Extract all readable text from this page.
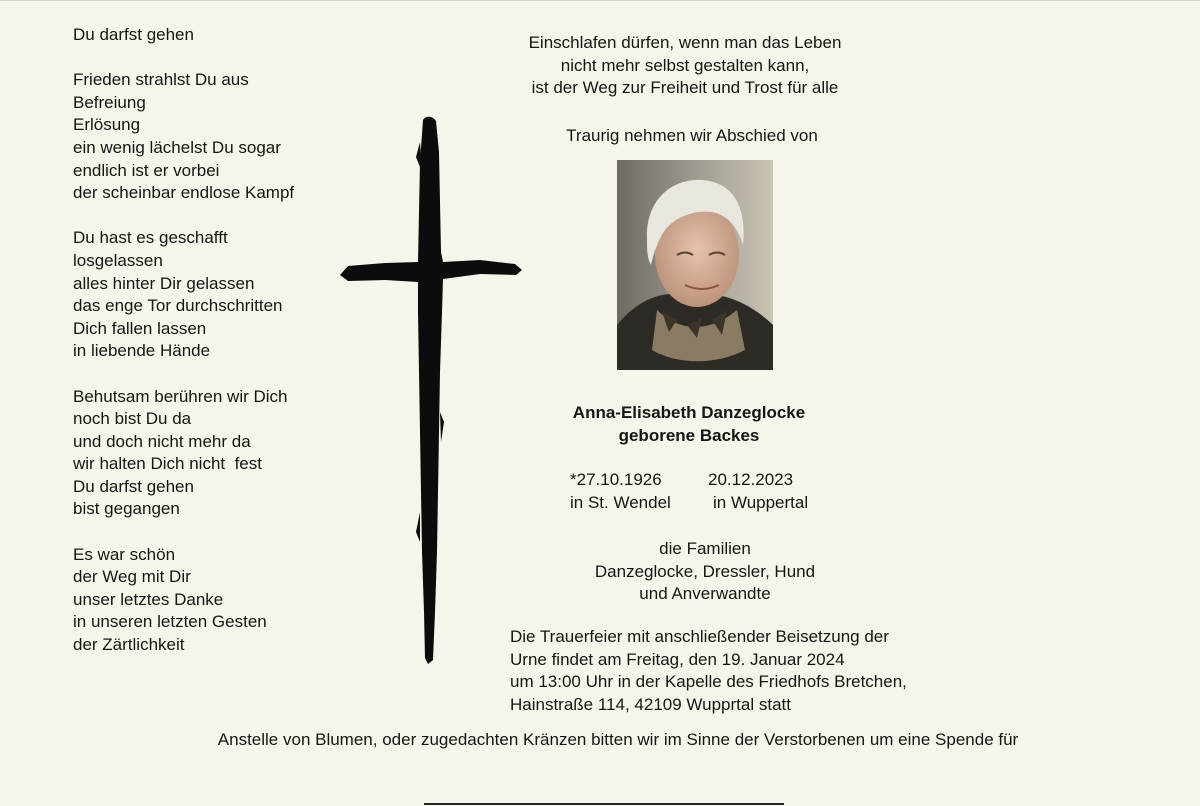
Du darfst gehen
Frieden strahlst Du aus
Befreiung
Erlösung
ein wenig lächelst Du sogar
endlich ist er vorbei
der scheinbar endlose Kampf
Du hast es geschafft
losgelassen
alles hinter Dir gelassen
das enge Tor durchschritten
Dich fallen lassen
in liebende Hände
Behutsam berühren wir Dich
noch bist Du da
und doch nicht mehr da
wir halten Dich nicht  fest
Du darfst gehen
bist gegangen
Es war schön
der Weg mit Dir
unser letztes Danke
in unseren letzten Gesten
der Zärtlichkeit
Einschlafen dürfen, wenn man das Leben
nicht mehr selbst gestalten kann,
ist der Weg zur Freiheit und Trost für alle
Traurig nehmen wir Abschied von
Anna-Elisabeth Danzeglocke
geborene Backes
*27.10.1926	20.12.2023
in St. Wendel	in Wuppertal
die Familien
Danzeglocke, Dressler, Hund
und Anverwandte
Die Trauerfeier mit anschließender Beisetzung der
Urne findet am Freitag, den 19. Januar 2024
um 13:00 Uhr in der Kapelle des Friedhofs Bretchen,
Hainstraße 114, 42109 Wupprtal statt
Anstelle von Blumen, oder zugedachten Kränzen bitten wir im Sinne der Verstorbenen um eine Spende für
